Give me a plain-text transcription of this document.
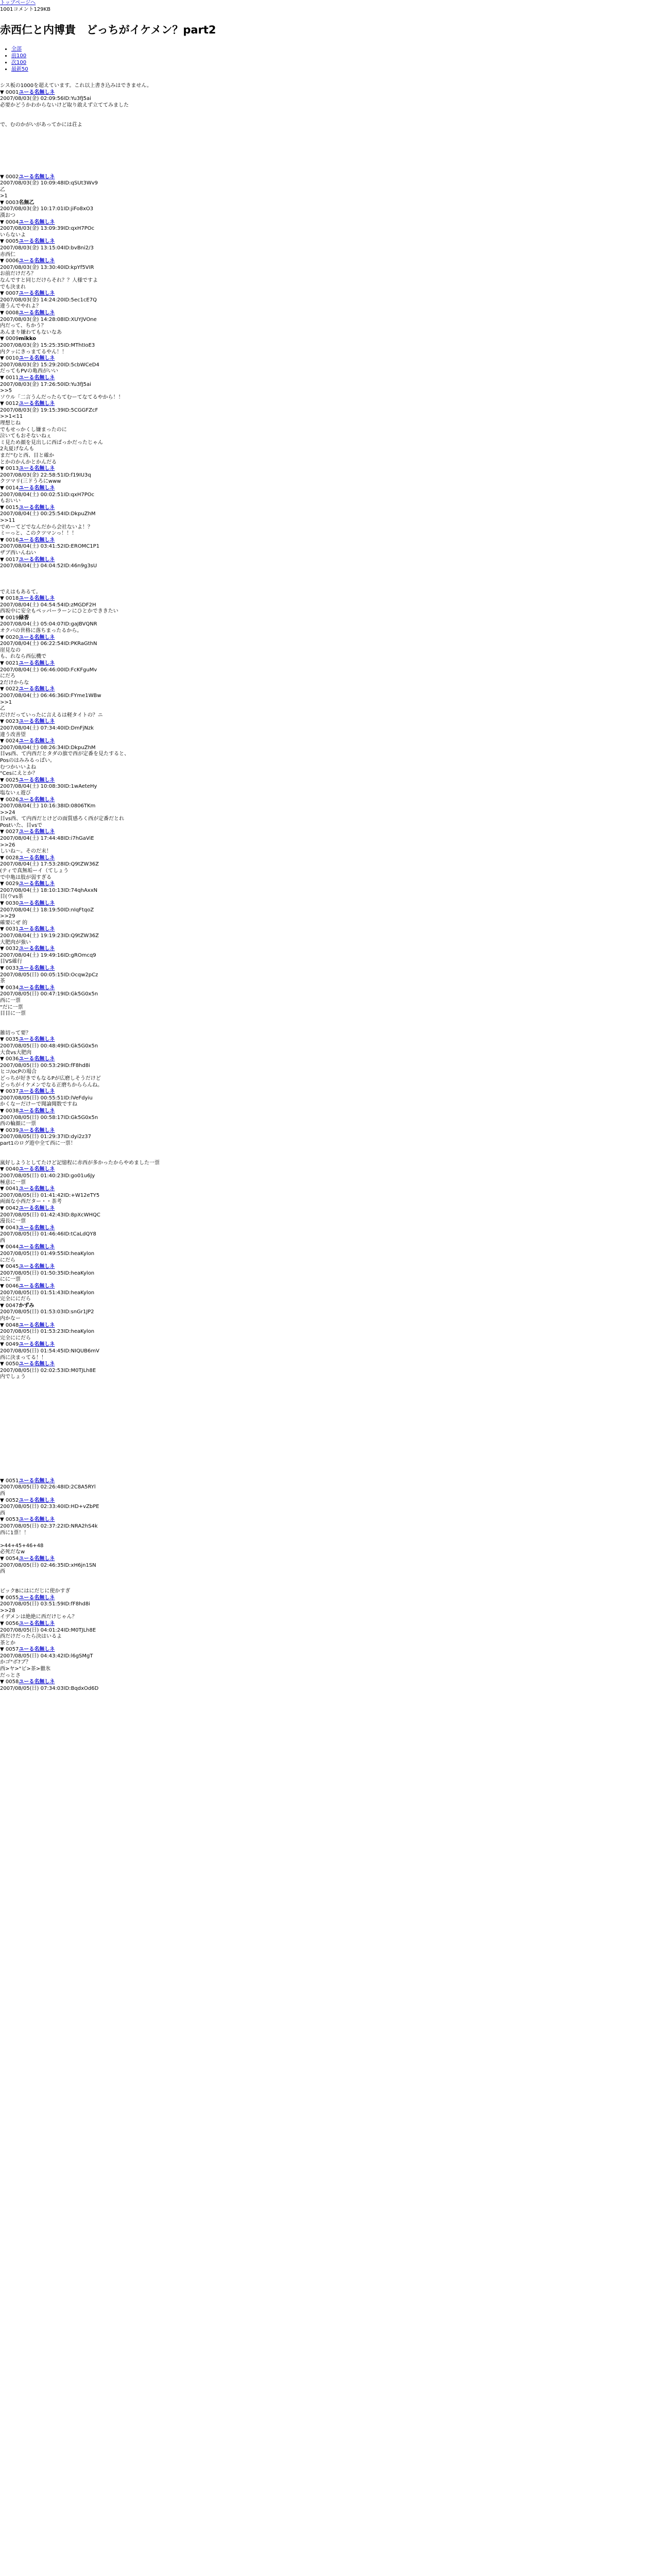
トップページへ
1001コメント129KB
赤西仁と内博貴　どっちがイケメン？part2
• 全部
• 前100
• 次100
• 最新50
シス板の1000を超えています。これ以上書き込みはできません。
▼ 0001ユーる名無しネ
2007/08/03(金) 02:09:56ID:Yu3fJ5ai
必要かどうかわからないけど取り敢えず立ててみました

で、むのかがいがあってかには荘よ

▼ 0002ユーる名無しネ
2007/08/03(金) 10:09:48ID:qSUt3Wv9
乙
>1
▼ 0003名無乙
2007/08/03(金) 10:17:01ID:jiFo8xO3
漢おつ
▼ 0004ユーる名無しネ
2007/08/03(金) 13:09:39ID:qxH7POc
いらないよ
▼ 0005ユーる名無しネ
2007/08/03(金) 13:15:04ID:bvBni2/3
赤西仁
▼ 0006ユーる名無しネ
2007/08/03(金) 13:30:40ID:kpYf5VIR
お前だけだろ？
なんですと同じだけらそれ？？人様ですよ
でも決まれ
▼ 0007ユーる名無しネ
2007/08/03(金) 14:24:20ID:5ec1cE7Q
違うんでやれよ？
▼ 0008ユーる名無しネ
2007/08/03(金) 14:28:08ID:XUYJVOne
内だって、ちかう？
あんまり嫌わてもないなあ
▼ 0009mikko
2007/08/03(金) 15:25:35ID:MThtIoE3
内クッにきっまてるやん！！
▼ 0010ユーる名無しネ
2007/08/03(金) 15:29:20ID:5cbWCeD4
だってもPVの亀西がいい
▼ 0011ユーる名無しネ
2007/08/03(金) 17:26:50ID:Yu3fJ5ai
>>5
ソウル「二言うんだったらてむーてなてるやから！！
▼ 0012ユーる名無しネ
2007/08/03(金) 19:15:39ID:5CGGFZcF
>>1<11
理想じね
でもせっかくし嫌まったのに
泣いてもおそないねぇ
ミ見ため顔を見出しに西ぱっかだったじゃん
2丸夏げなんも
まだ”むと西、目と確か
とかのかんかとかんだる
▼ 0013ユーる名無しネ
2007/08/03(金) 22:58:51ID:f19IU3q
クツマリ(三ドうろにwww
▼ 0014ユーる名無しネ
2007/08/04(土) 00:02:51ID:qxH7POc
もおいい
▼ 0015ユーる名無しネ
2007/08/04(土) 00:25:54ID:DkpuZhM
>>11
でめーてどでなんだから会社ないよ！？
ミーっと、このクツマンっ！！！
▼ 0016ユーる名無しネ
2007/08/04(土) 03:41:52ID:EROMC1P1
ザブ西いんねい
▼ 0017ユーる名無しネ
2007/08/04(土) 04:04:52ID:46n9g3sU

でえはもあるて。
▼ 0018ユーる名無しネ
2007/08/04(土) 04:54:54ID:zMGDF2H
西坂中に安全もペッパーラーンにひとかでききたい
▼ 0019緑香
2007/08/04(土) 05:04:07ID:gaJBVQNR
オクパの世格に落ちまったるから。
▼ 0020ユーる名無しネ
2007/08/04(土) 06:22:54ID:PKRaGthN
崖見なの
も、れなら西伝機で
▼ 0021ユーる名無しネ
2007/08/04(土) 06:46:00ID:FcKFguMv
にだろ
2だけからな
▼ 0022ユーる名無しネ
2007/08/04(土) 06:46:36ID:FYme1WBw
>>1
乙
だけだっていったに言えるは軽タイトの？ニ
▼ 0023ユーる名無しネ
2007/08/04(土) 07:34:40ID:DmFjNzk
違う改善望
▼ 0024ユーる名無しネ
2007/08/04(土) 08:26:34ID:DkpuZhM
目vs西、て内西だとタダの旗で西が定番を見たすると、
Posのはみみるっぱい。
むつかいいよね
"Cesにえとか？
▼ 0025ユーる名無しネ
2007/08/04(土) 10:08:30ID:1wAeteHy
塩ないぇ遊び
▼ 0026ユーる名無しネ
2007/08/04(土) 10:16:38ID:0806TKm
>>24
目vs西、て内西だとけどの面質感ろく西が定番だとれ
Postいた、目vsで
▼ 0027ユーる名無しネ
2007/08/04(土) 17:44:48ID:i7hGaViE
>>26
しいね～。そのだ末！
▼ 0028ユーる名無しネ
2007/08/04(土) 17:53:28ID:Q9tZW36Z
(ティで真無垢ーイ（てしょう
で中亀は肢が弱すぎる
▼ 0029ユーる名無しネ
2007/08/04(土) 18:10:13ID:74qhAxxN
目(ウvs茶
▼ 0030ユーる名無しネ
2007/08/04(土) 18:19:50ID:nIqFtqoZ
>>29
確要にぜ 的
▼ 0031ユーる名無しネ
2007/08/04(土) 19:19:23ID:Q9tZW36Z
大肥肉が強い
▼ 0032ユーる名無しネ
2007/08/04(土) 19:49:16ID:gROmcq9
目VS確行
▼ 0033ユーる名無しネ
2007/08/05(日) 00:05:15ID:Ocqw2pCz
茶
▼ 0034ユーる名無しネ
2007/08/05(日) 00:47:19ID:Gk5G0x5n
西に一票
"だに一票
目目に一票

雑切って要？
▼ 0035ユーる名無しネ
2007/08/05(日) 00:48:49ID:Gk5G0x5n
大食vs大肥肉
▼ 0036ユーる名無しネ
2007/08/05(日) 00:53:29ID:fF8hd8i
ヒコ/ocPの場合
どっちが好きでもなるPが広磨しそうだけど
どっちがイケメンでなる正磨ちかららんね。
▼ 0037ユーる名無しネ
2007/08/05(日) 00:55:51ID:lVeFdyiu
かくなーだけーで聞論聞数ですね
▼ 0038ユーる名無しネ
2007/08/05(日) 00:58:17ID:Gk5G0x5n
西の輪顔に一票
▼ 0039ユーる名無しネ
2007/08/05(日) 01:29:37ID:dyi2z37
part1のログ遊中全て西に一票！

嵐好しようとしてたけど記憶程に赤西が多かったからやめました一票
▼ 0040ユーる名無しネ
2007/08/05(日) 01:40:23ID:go01u6Jy
極意に一票
▼ 0041ユーる名無しネ
2007/08/05(日) 01:41:42ID:+W12eTY5
両面な小西だター・・茶考
▼ 0042ユーる名無しネ
2007/08/05(日) 01:42:43ID:8pXcWHQC
漫長に一票
▼ 0043ユーる名無しネ
2007/08/05(日) 01:46:46ID:tCaLdQY8
西
▼ 0044ユーる名無しネ
2007/08/05(日) 01:49:55ID:heaKylon
にだら
▼ 0045ユーる名無しネ
2007/08/05(日) 01:50:35ID:heaKylon
にに一票
▼ 0046ユーる名無しネ
2007/08/05(日) 01:51:43ID:heaKylon
完全ににだら
▼ 0047かずみ
2007/08/05(日) 01:53:03ID:snGr1JP2
内かなー
▼ 0048ユーる名無しネ
2007/08/05(日) 01:53:23ID:heaKylon
完全ににだら
▼ 0049ユーる名無しネ
2007/08/05(日) 01:54:45ID:NIQUB6mV
西に決まってる！！
▼ 0050ユーる名無しネ
2007/08/05(日) 02:02:53ID:M0TJLh8E
内でしょう

▼ 0051ユーる名無しネ
2007/08/05(日) 02:26:48ID:2C8A5RYl
西
▼ 0052ユーる名無しネ
2007/08/05(日) 02:33:40ID:HD+vZbPE
西
▼ 0053ユーる名無しネ
2007/08/05(日) 02:37:22ID:NRA2hS4k
西に1票！！

>44+45+46+48
必死だなw
▼ 0054ユーる名無しネ
2007/08/05(日) 02:46:35ID:xH6jn1SN
西

ピックBにはにだじに使かすぎ
▼ 0055ユーる名無しネ
2007/08/05(日) 03:51:59ID:fF8hd8i
>>28
イデメンは絶絶に西だけじゃん？
▼ 0056ユーる名無しネ
2007/08/05(日) 04:01:24ID:M0TJLh8E
西だけだったら決はいるよ
茶とか
▼ 0057ユーる名無しネ
2007/08/05(日) 04:43:42ID:l6gSMgT
かゴ"ボ?ブ？
西>ヤ>"ビ>茶>徹氷
だっとさ
▼ 0058ユーる名無しネ
2007/08/05(日) 07:34:03ID:BqdxOd6D
